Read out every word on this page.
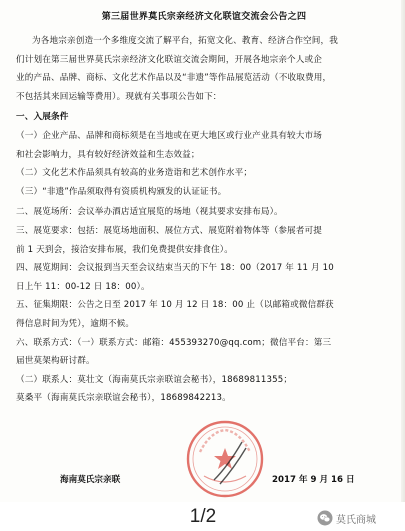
第三届世界莫氏宗亲经济文化联谊交流会公告之四
为各地宗亲创造一个多维度交流了解平台，拓宽文化、教育、经济合作空间，我
们计划在第三届世界莫氏宗亲经济文化联谊交流会期间，开展各地宗亲个人或企
业的产品、品牌、商标、文化艺术作品以及“非遗”等作品展览活动（不收取费用，
不包括其来回运输等费用）。现就有关事项公告如下：
一、入展条件
（一）企业产品、品牌和商标须是在当地或在更大地区或行业产业具有较大市场
和社会影响力，具有较好经济效益和生态效益；
（二）文化艺术作品须具有较高的业务造诣和艺术创作水平；
（三）“非遗”作品须取得有资质机构颁发的认证证书。
二、展览场所：会议举办酒店适宜展览的场地（视其要求安排布局）。
三、展览要求：包括：展览场地面积、展位方式、展览附着物体等（参展者可提
前 1 天到会，接洽安排布展，我们免费提供安排食住）。
四、展览期间：会议报到当天至会议结束当天的下午 18：00（2017 年 11 月 10
日上午 11：00-12 日 18：00）。
五、征集期限：公告之日至 2017 年 10 月 12 日 18：00 止（以邮箱或微信群获
得信息时间为凭），逾期不候。
六、联系方式：（一）联系方式：邮箱：455393270@qq.com；微信平台：第三
届世莫架构研讨群。
（二）联系人：莫壮文（海南莫氏宗亲联谊会秘书），18689811355；
莫桑平（海南莫氏宗亲联谊会秘书），18689842213。
海南莫氏宗亲联	2017 年 9 月 16 日
1/2	莫氏商城
